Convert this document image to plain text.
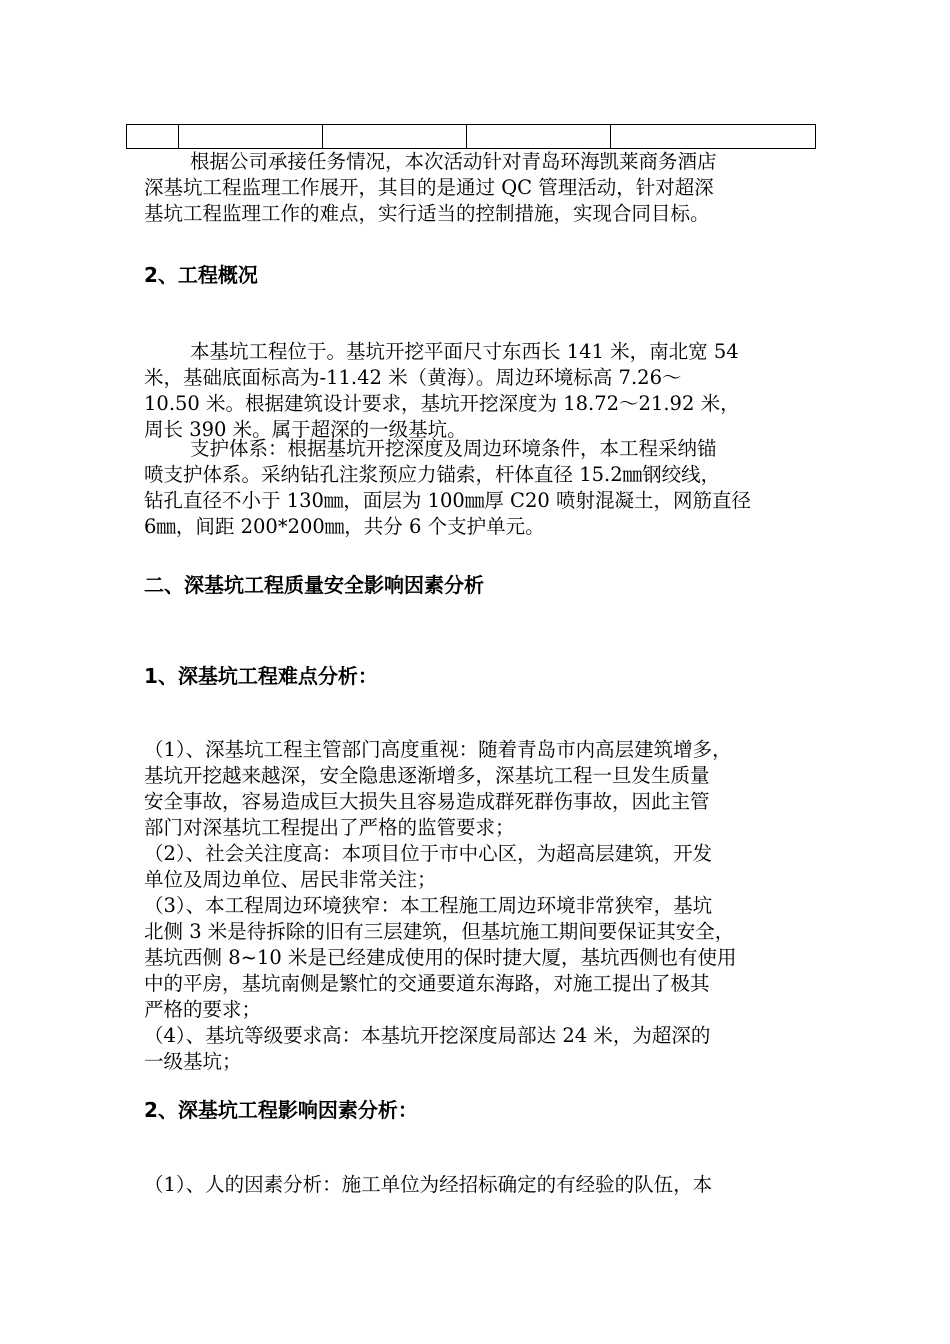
根据公司承接任务情况，本次活动针对青岛环海凯莱商务酒店
深基坑工程监理工作展开，其目的是通过 QC 管理活动，针对超深
基坑工程监理工作的难点，实行适当的控制措施，实现合同目标。

2、工程概况

本基坑工程位于。基坑开挖平面尺寸东西长 141 米，南北宽 54
米，基础底面标高为-11.42 米（黄海）。周边环境标高 7.26～
10.50 米。根据建筑设计要求，基坑开挖深度为 18.72～21.92 米，
周长 390 米。属于超深的一级基坑。

支护体系：根据基坑开挖深度及周边环境条件，本工程采纳锚
喷支护体系。采纳钻孔注浆预应力锚索，杆体直径 15.2㎜钢绞线，
钻孔直径不小于 130㎜，面层为 100㎜厚 C20 喷射混凝土，网筋直径
6㎜，间距 200*200㎜，共分 6 个支护单元。

二、深基坑工程质量安全影响因素分析
1、深基坑工程难点分析：

（1）、深基坑工程主管部门高度重视：随着青岛市内高层建筑增多，
基坑开挖越来越深，安全隐患逐渐增多，深基坑工程一旦发生质量
安全事故，容易造成巨大损失且容易造成群死群伤事故，因此主管
部门对深基坑工程提出了严格的监管要求；
（2）、社会关注度高：本项目位于市中心区，为超高层建筑，开发
单位及周边单位、居民非常关注；
（3）、本工程周边环境狭窄：本工程施工周边环境非常狭窄，基坑
北侧 3 米是待拆除的旧有三层建筑，但基坑施工期间要保证其安全，
基坑西侧 8~10 米是已经建成使用的保时捷大厦，基坑西侧也有使用
中的平房，基坑南侧是繁忙的交通要道东海路，对施工提出了极其
严格的要求；
（4）、基坑等级要求高：本基坑开挖深度局部达 24 米，为超深的
一级基坑；

2、深基坑工程影响因素分析：

（1）、人的因素分析：施工单位为经招标确定的有经验的队伍，本
